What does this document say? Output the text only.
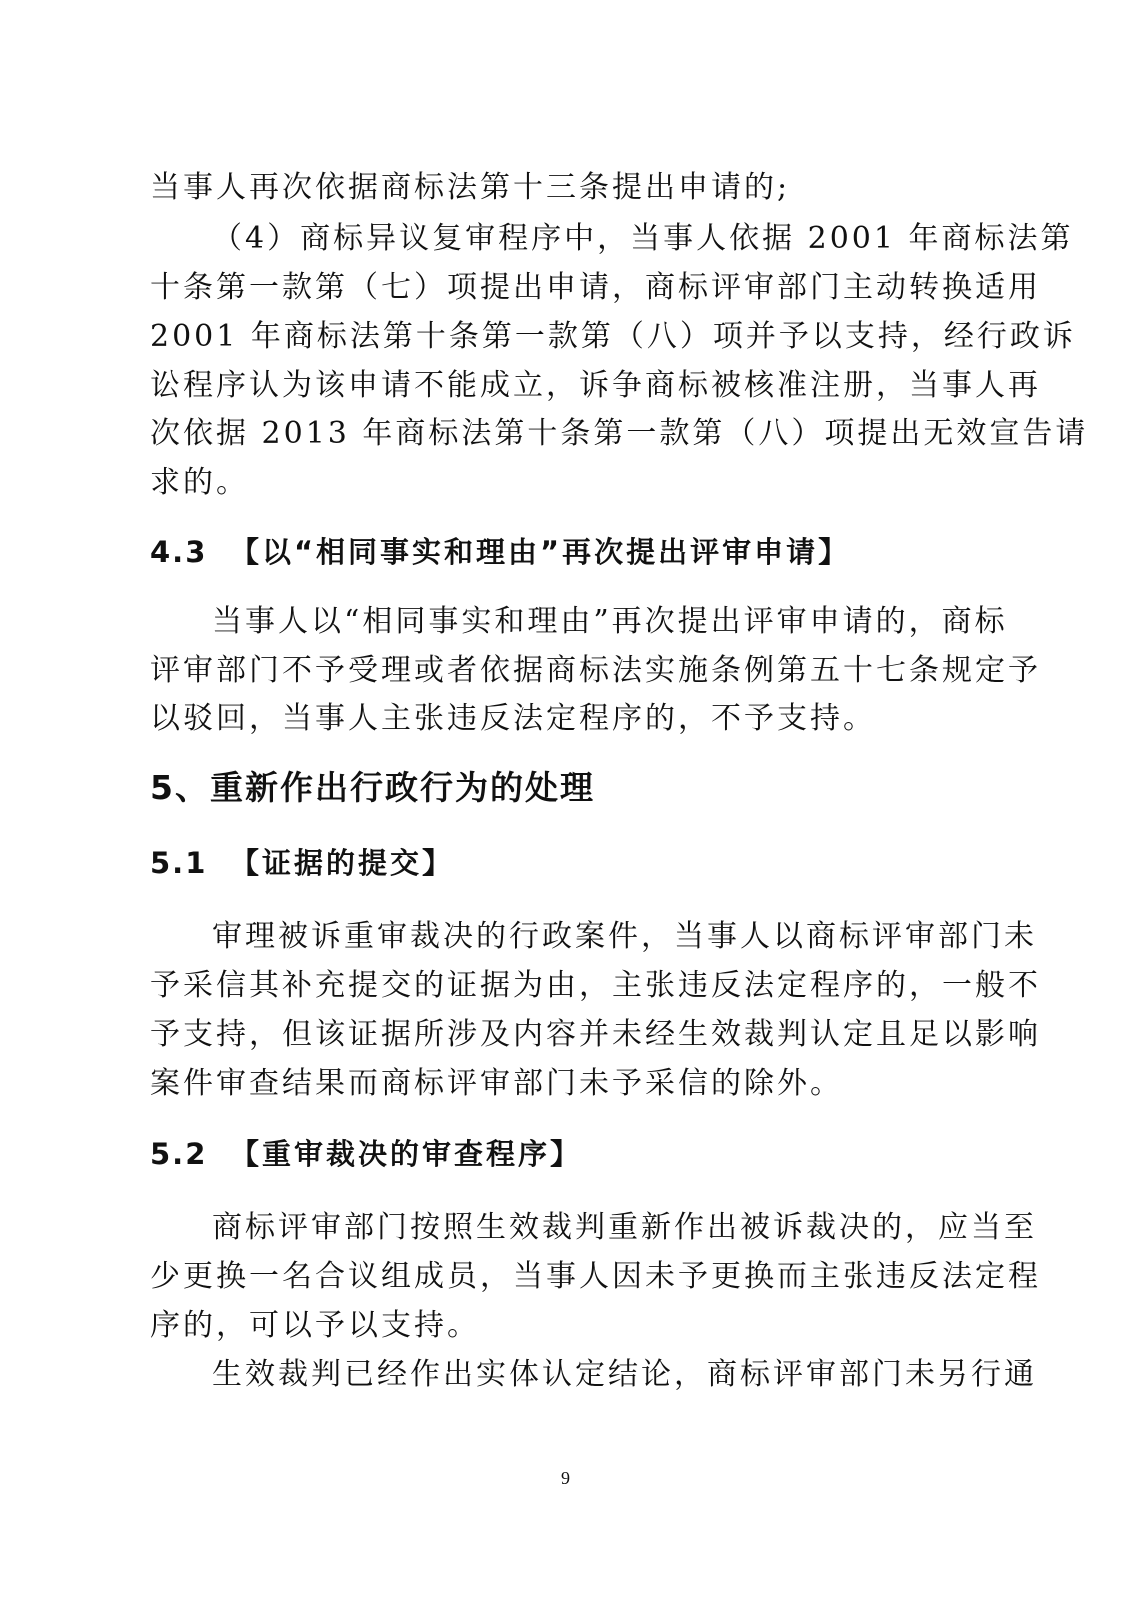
当事人再次依据商标法第十三条提出申请的;
（4）商标异议复审程序中，当事人依据 2001 年商标法第
十条第一款第（七）项提出申请，商标评审部门主动转换适用
2001 年商标法第十条第一款第（八）项并予以支持，经行政诉
讼程序认为该申请不能成立，诉争商标被核准注册，当事人再
次依据 2013 年商标法第十条第一款第（八）项提出无效宣告请
求的。
4.3 【以“相同事实和理由”再次提出评审申请】
当事人以“相同事实和理由”再次提出评审申请的，商标
评审部门不予受理或者依据商标法实施条例第五十七条规定予
以驳回，当事人主张违反法定程序的，不予支持。
5、重新作出行政行为的处理
5.1 【证据的提交】
审理被诉重审裁决的行政案件，当事人以商标评审部门未
予采信其补充提交的证据为由，主张违反法定程序的，一般不
予支持，但该证据所涉及内容并未经生效裁判认定且足以影响
案件审查结果而商标评审部门未予采信的除外。
5.2 【重审裁决的审查程序】
商标评审部门按照生效裁判重新作出被诉裁决的，应当至
少更换一名合议组成员，当事人因未予更换而主张违反法定程
序的，可以予以支持。
生效裁判已经作出实体认定结论，商标评审部门未另行通
9
